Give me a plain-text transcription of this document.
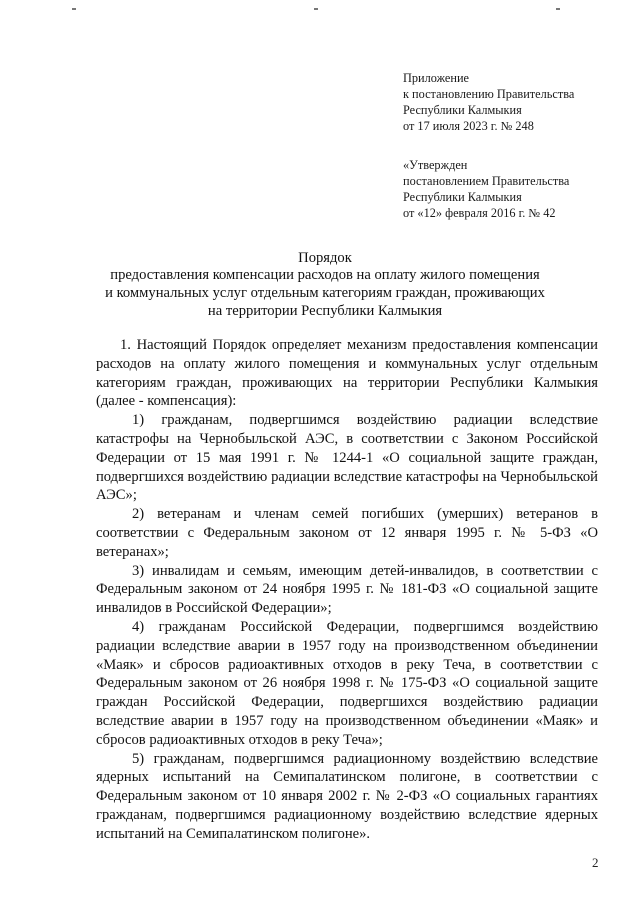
Приложение
к постановлению Правительства
Республики Калмыкия
от 17 июля 2023 г. № 248
«Утвержден
постановлением Правительства
Республики Калмыкия
от «12» февраля 2016 г. № 42
Порядок
предоставления компенсации расходов на оплату жилого помещения
и коммунальных услуг отдельным категориям граждан, проживающих
на территории Республики Калмыкия

1. Настоящий Порядок определяет механизм предоставления компенсации расходов на оплату жилого помещения и коммунальных услуг отдельным категориям граждан, проживающих на территории Республики Калмыкия (далее - компенсация):

1) гражданам, подвергшимся воздействию радиации вследствие катастрофы на Чернобыльской АЭС, в соответствии с Законом Российской Федерации от 15 мая 1991 г. № 1244-1 «О социальной защите граждан, подвергшихся воздействию радиации вследствие катастрофы на Чернобыльской АЭС»;

2) ветеранам и членам семей погибших (умерших) ветеранов в соответствии с Федеральным законом от 12 января 1995 г. № 5-ФЗ «О ветеранах»;

3) инвалидам и семьям, имеющим детей-инвалидов, в соответствии с Федеральным законом от 24 ноября 1995 г. № 181-ФЗ «О социальной защите инвалидов в Российской Федерации»;

4) гражданам Российской Федерации, подвергшимся воздействию радиации вследствие аварии в 1957 году на производственном объединении «Маяк» и сбросов радиоактивных отходов в реку Теча, в соответствии с Федеральным законом от 26 ноября 1998 г. № 175-ФЗ «О социальной защите граждан Российской Федерации, подвергшихся воздействию радиации вследствие аварии в 1957 году на производственном объединении «Маяк» и сбросов радиоактивных отходов в реку Теча»;

5) гражданам, подвергшимся радиационному воздействию вследствие ядерных испытаний на Семипалатинском полигоне, в соответствии с Федеральным законом от 10 января 2002 г. № 2-ФЗ «О социальных гарантиях гражданам, подвергшимся радиационному воздействию вследствие ядерных испытаний на Семипалатинском полигоне».

2
